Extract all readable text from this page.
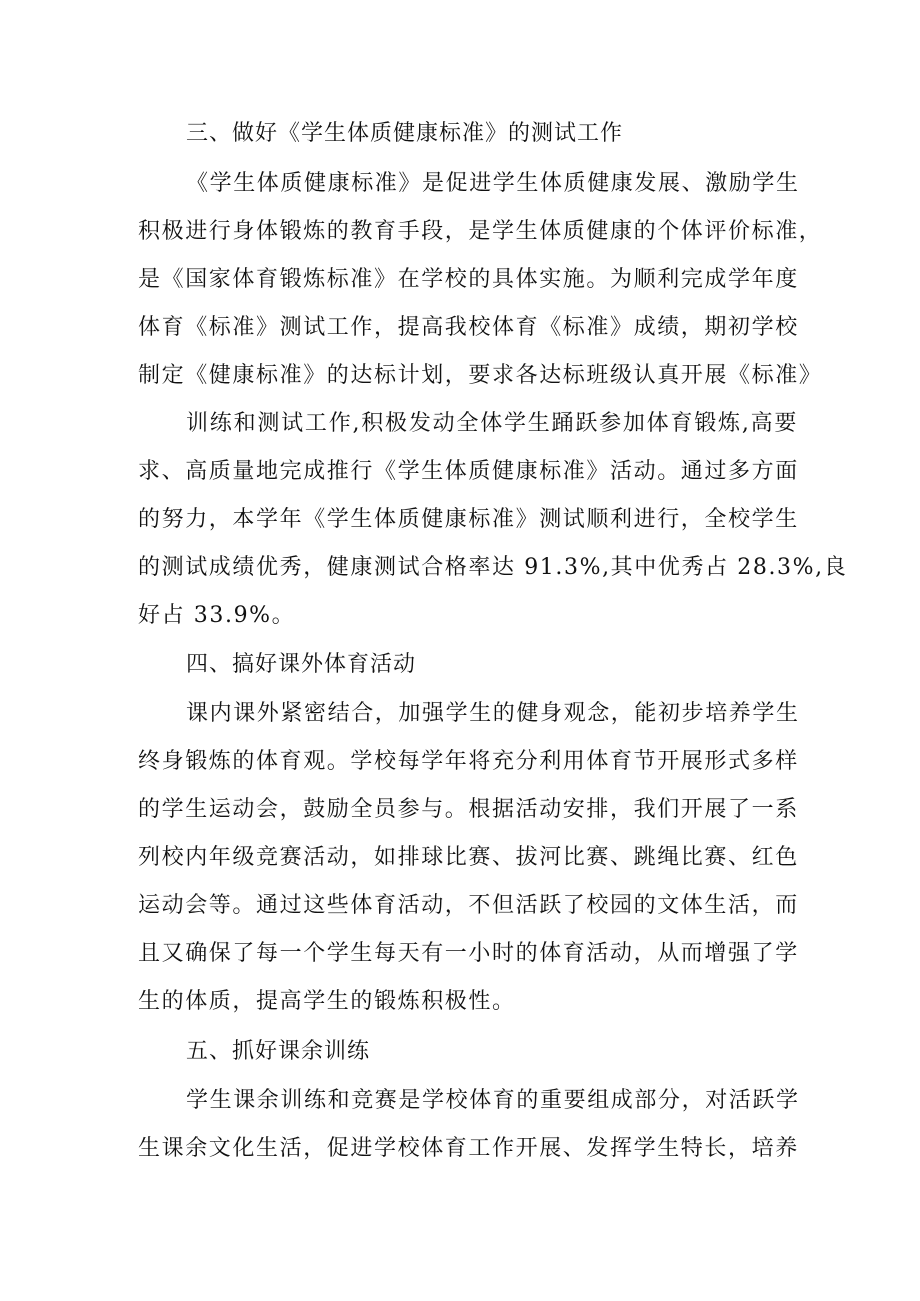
三、做好《学生体质健康标准》的测试工作
《学生体质健康标准》是促进学生体质健康发展、激励学生
积极进行身体锻炼的教育手段，是学生体质健康的个体评价标准，
是《国家体育锻炼标准》在学校的具体实施。为顺利完成学年度
体育《标准》测试工作，提高我校体育《标准》成绩，期初学校
制定《健康标准》的达标计划，要求各达标班级认真开展《标准》
训练和测试工作,积极发动全体学生踊跃参加体育锻炼,高要
求、高质量地完成推行《学生体质健康标准》活动。通过多方面
的努力，本学年《学生体质健康标准》测试顺利进行，全校学生
的测试成绩优秀，健康测试合格率达 91.3%,其中优秀占 28.3%,良
好占 33.9%。
四、搞好课外体育活动
课内课外紧密结合，加强学生的健身观念，能初步培养学生
终身锻炼的体育观。学校每学年将充分利用体育节开展形式多样
的学生运动会，鼓励全员参与。根据活动安排，我们开展了一系
列校内年级竞赛活动，如排球比赛、拔河比赛、跳绳比赛、红色
运动会等。通过这些体育活动，不但活跃了校园的文体生活，而
且又确保了每一个学生每天有一小时的体育活动，从而增强了学
生的体质，提高学生的锻炼积极性。
五、抓好课余训练
学生课余训练和竞赛是学校体育的重要组成部分，对活跃学
生课余文化生活，促进学校体育工作开展、发挥学生特长，培养
